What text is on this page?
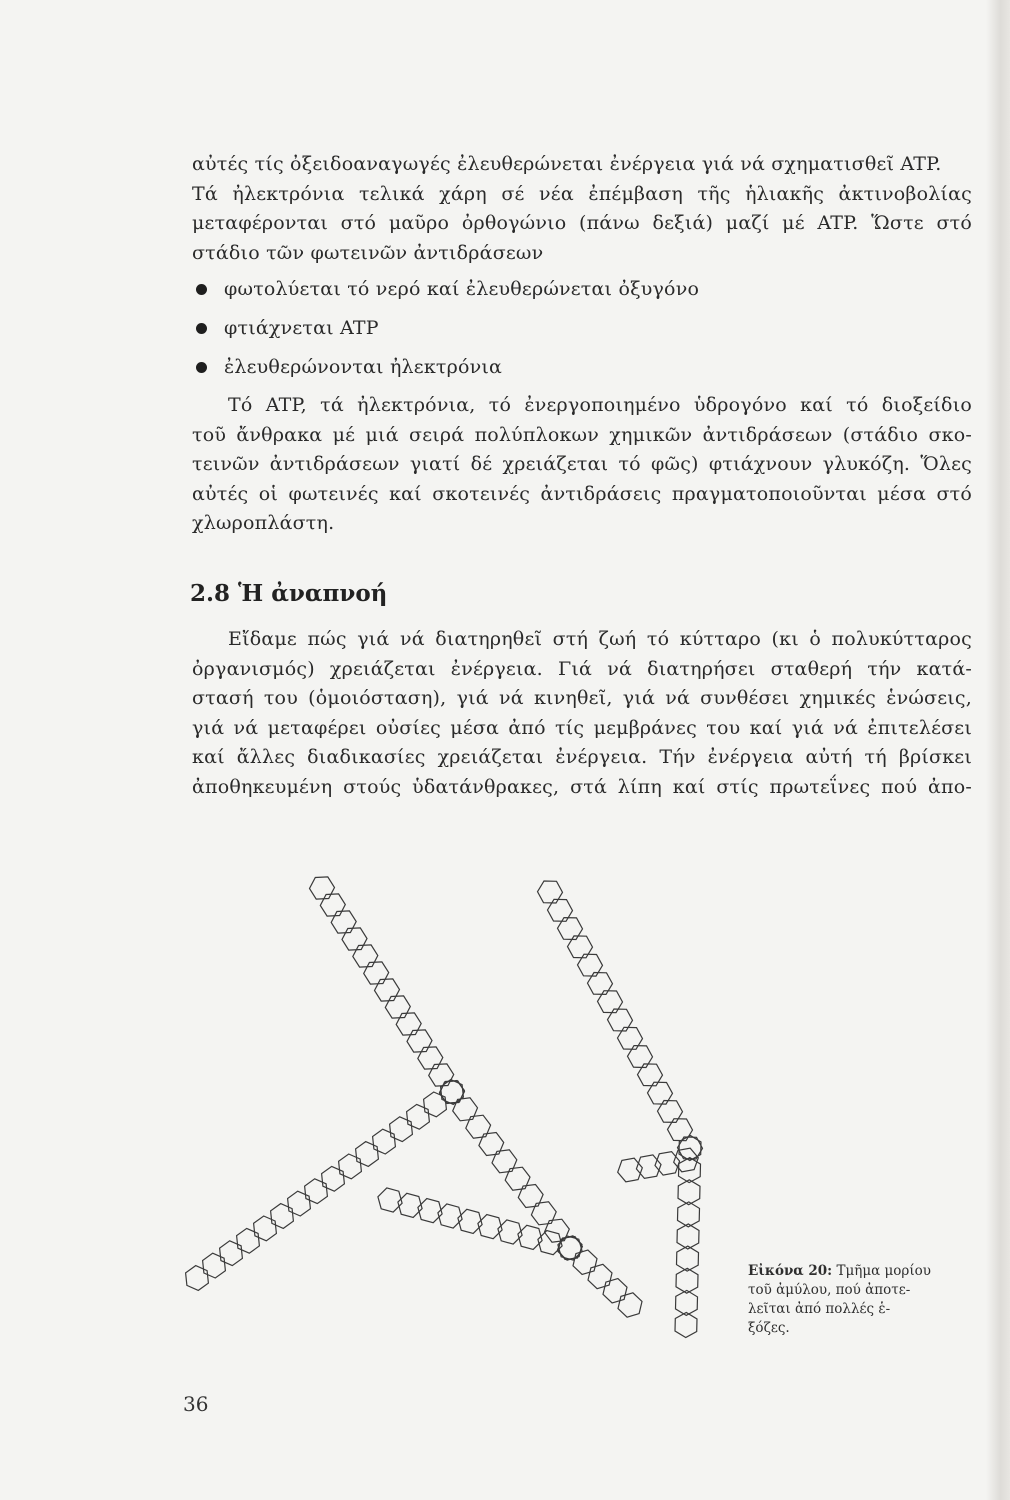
αὐτές τίς ὀξειδοαναγωγές ἐλευθερώνεται ἐνέργεια γιά νά σχηματισθεῖ ATP.
Τά ἠλεκτρόνια τελικά χάρη σέ νέα ἐπέμβαση τῆς ἡλιακῆς ἀκτινοβολίας
μεταφέρονται στό μαῦρο ὀρθογώνιο (πάνω δεξιά) μαζί μέ ATP. Ὥστε στό
στάδιο τῶν φωτεινῶν ἀντιδράσεων
φωτολύεται τό νερό καί ἐλευθερώνεται ὀξυγόνο
φτιάχνεται ATP
ἐλευθερώνονται ἠλεκτρόνια
Τό ATP, τά ἠλεκτρόνια, τό ἐνεργοποιημένο ὑδρογόνο καί τό διοξείδιο
τοῦ ἄνθρακα μέ μιά σειρά πολύπλοκων χημικῶν ἀντιδράσεων (στάδιο σκο-
τεινῶν ἀντιδράσεων γιατί δέ χρειάζεται τό φῶς) φτιάχνουν γλυκόζη. Ὅλες
αὐτές οἱ φωτεινές καί σκοτεινές ἀντιδράσεις πραγματοποιοῦνται μέσα στό
χλωροπλάστη.
2.8 Ἡ ἀναπνοή
Εἴδαμε πώς γιά νά διατηρηθεῖ στή ζωή τό κύτταρο (κι ὁ πολυκύτταρος
ὀργανισμός) χρειάζεται ἐνέργεια. Γιά νά διατηρήσει σταθερή τήν κατά-
στασή του (ὁμοιόσταση), γιά νά κινηθεῖ, γιά νά συνθέσει χημικές ἑνώσεις,
γιά νά μεταφέρει οὐσίες μέσα ἀπό τίς μεμβράνες του καί γιά νά ἐπιτελέσει
καί ἄλλες διαδικασίες χρειάζεται ἐνέργεια. Τήν ἐνέργεια αὐτή τή βρίσκει
ἀποθηκευμένη στούς ὑδατάνθρακες, στά λίπη καί στίς πρωτεΐνες πού ἀπο-
Εἰκόνα 20: Τμῆμα μορίου
τοῦ ἀμύλου, πού ἀποτε-
λεῖται ἀπό πολλές ἑ-
ξόζες.
36
